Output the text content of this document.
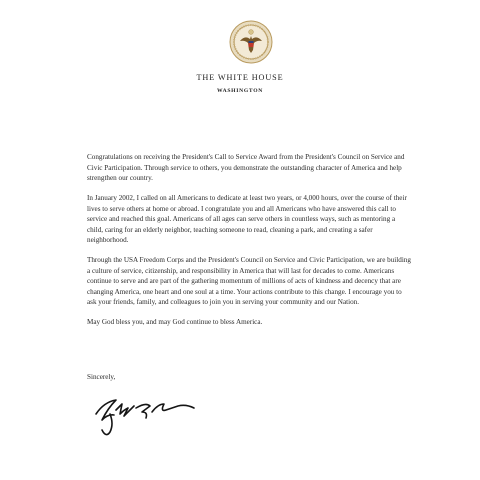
THE WHITE HOUSE
WASHINGTON

Congratulations on receiving the President's Call to Service Award from the President's Council on Service and Civic Participation. Through service to others, you demonstrate the outstanding character of America and help strengthen our country.

In January 2002, I called on all Americans to dedicate at least two years, or 4,000 hours, over the course of their lives to serve others at home or abroad. I congratulate you and all Americans who have answered this call to service and reached this goal. Americans of all ages can serve others in countless ways, such as mentoring a child, caring for an elderly neighbor, teaching someone to read, cleaning a park, and creating a safer neighborhood.

Through the USA Freedom Corps and the President's Council on Service and Civic Participation, we are building a culture of service, citizenship, and responsibility in America that will last for decades to come. Americans continue to serve and are part of the gathering momentum of millions of acts of kindness and decency that are changing America, one heart and one soul at a time. Your actions contribute to this change. I encourage you to ask your friends, family, and colleagues to join you in serving your community and our Nation.

May God bless you, and may God continue to bless America.

Sincerely,
